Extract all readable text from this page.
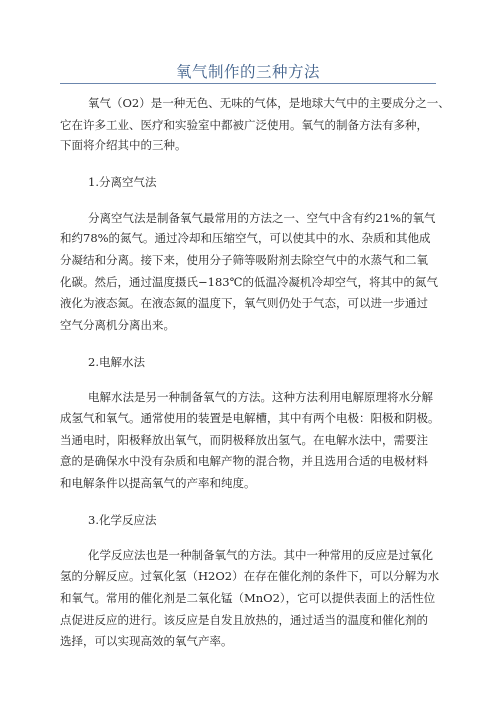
氧气制作的三种方法
氧气（O2）是一种无色、无味的气体，是地球大气中的主要成分之一、
它在许多工业、医疗和实验室中都被广泛使用。氧气的制备方法有多种，
下面将介绍其中的三种。
1.分离空气法
分离空气法是制备氧气最常用的方法之一、空气中含有约21%的氧气
和约78%的氮气。通过冷却和压缩空气，可以使其中的水、杂质和其他成
分凝结和分离。接下来，使用分子筛等吸附剂去除空气中的水蒸气和二氧
化碳。然后，通过温度摄氏−183℃的低温冷凝机冷却空气，将其中的氮气
液化为液态氮。在液态氮的温度下，氧气则仍处于气态，可以进一步通过
空气分离机分离出来。
2.电解水法
电解水法是另一种制备氧气的方法。这种方法利用电解原理将水分解
成氢气和氧气。通常使用的装置是电解槽，其中有两个电极：阳极和阴极。
当通电时，阳极释放出氧气，而阴极释放出氢气。在电解水法中，需要注
意的是确保水中没有杂质和电解产物的混合物，并且选用合适的电极材料
和电解条件以提高氧气的产率和纯度。
3.化学反应法
化学反应法也是一种制备氧气的方法。其中一种常用的反应是过氧化
氢的分解反应。过氧化氢（H2O2）在存在催化剂的条件下，可以分解为水
和氧气。常用的催化剂是二氧化锰（MnO2），它可以提供表面上的活性位
点促进反应的进行。该反应是自发且放热的，通过适当的温度和催化剂的
选择，可以实现高效的氧气产率。
